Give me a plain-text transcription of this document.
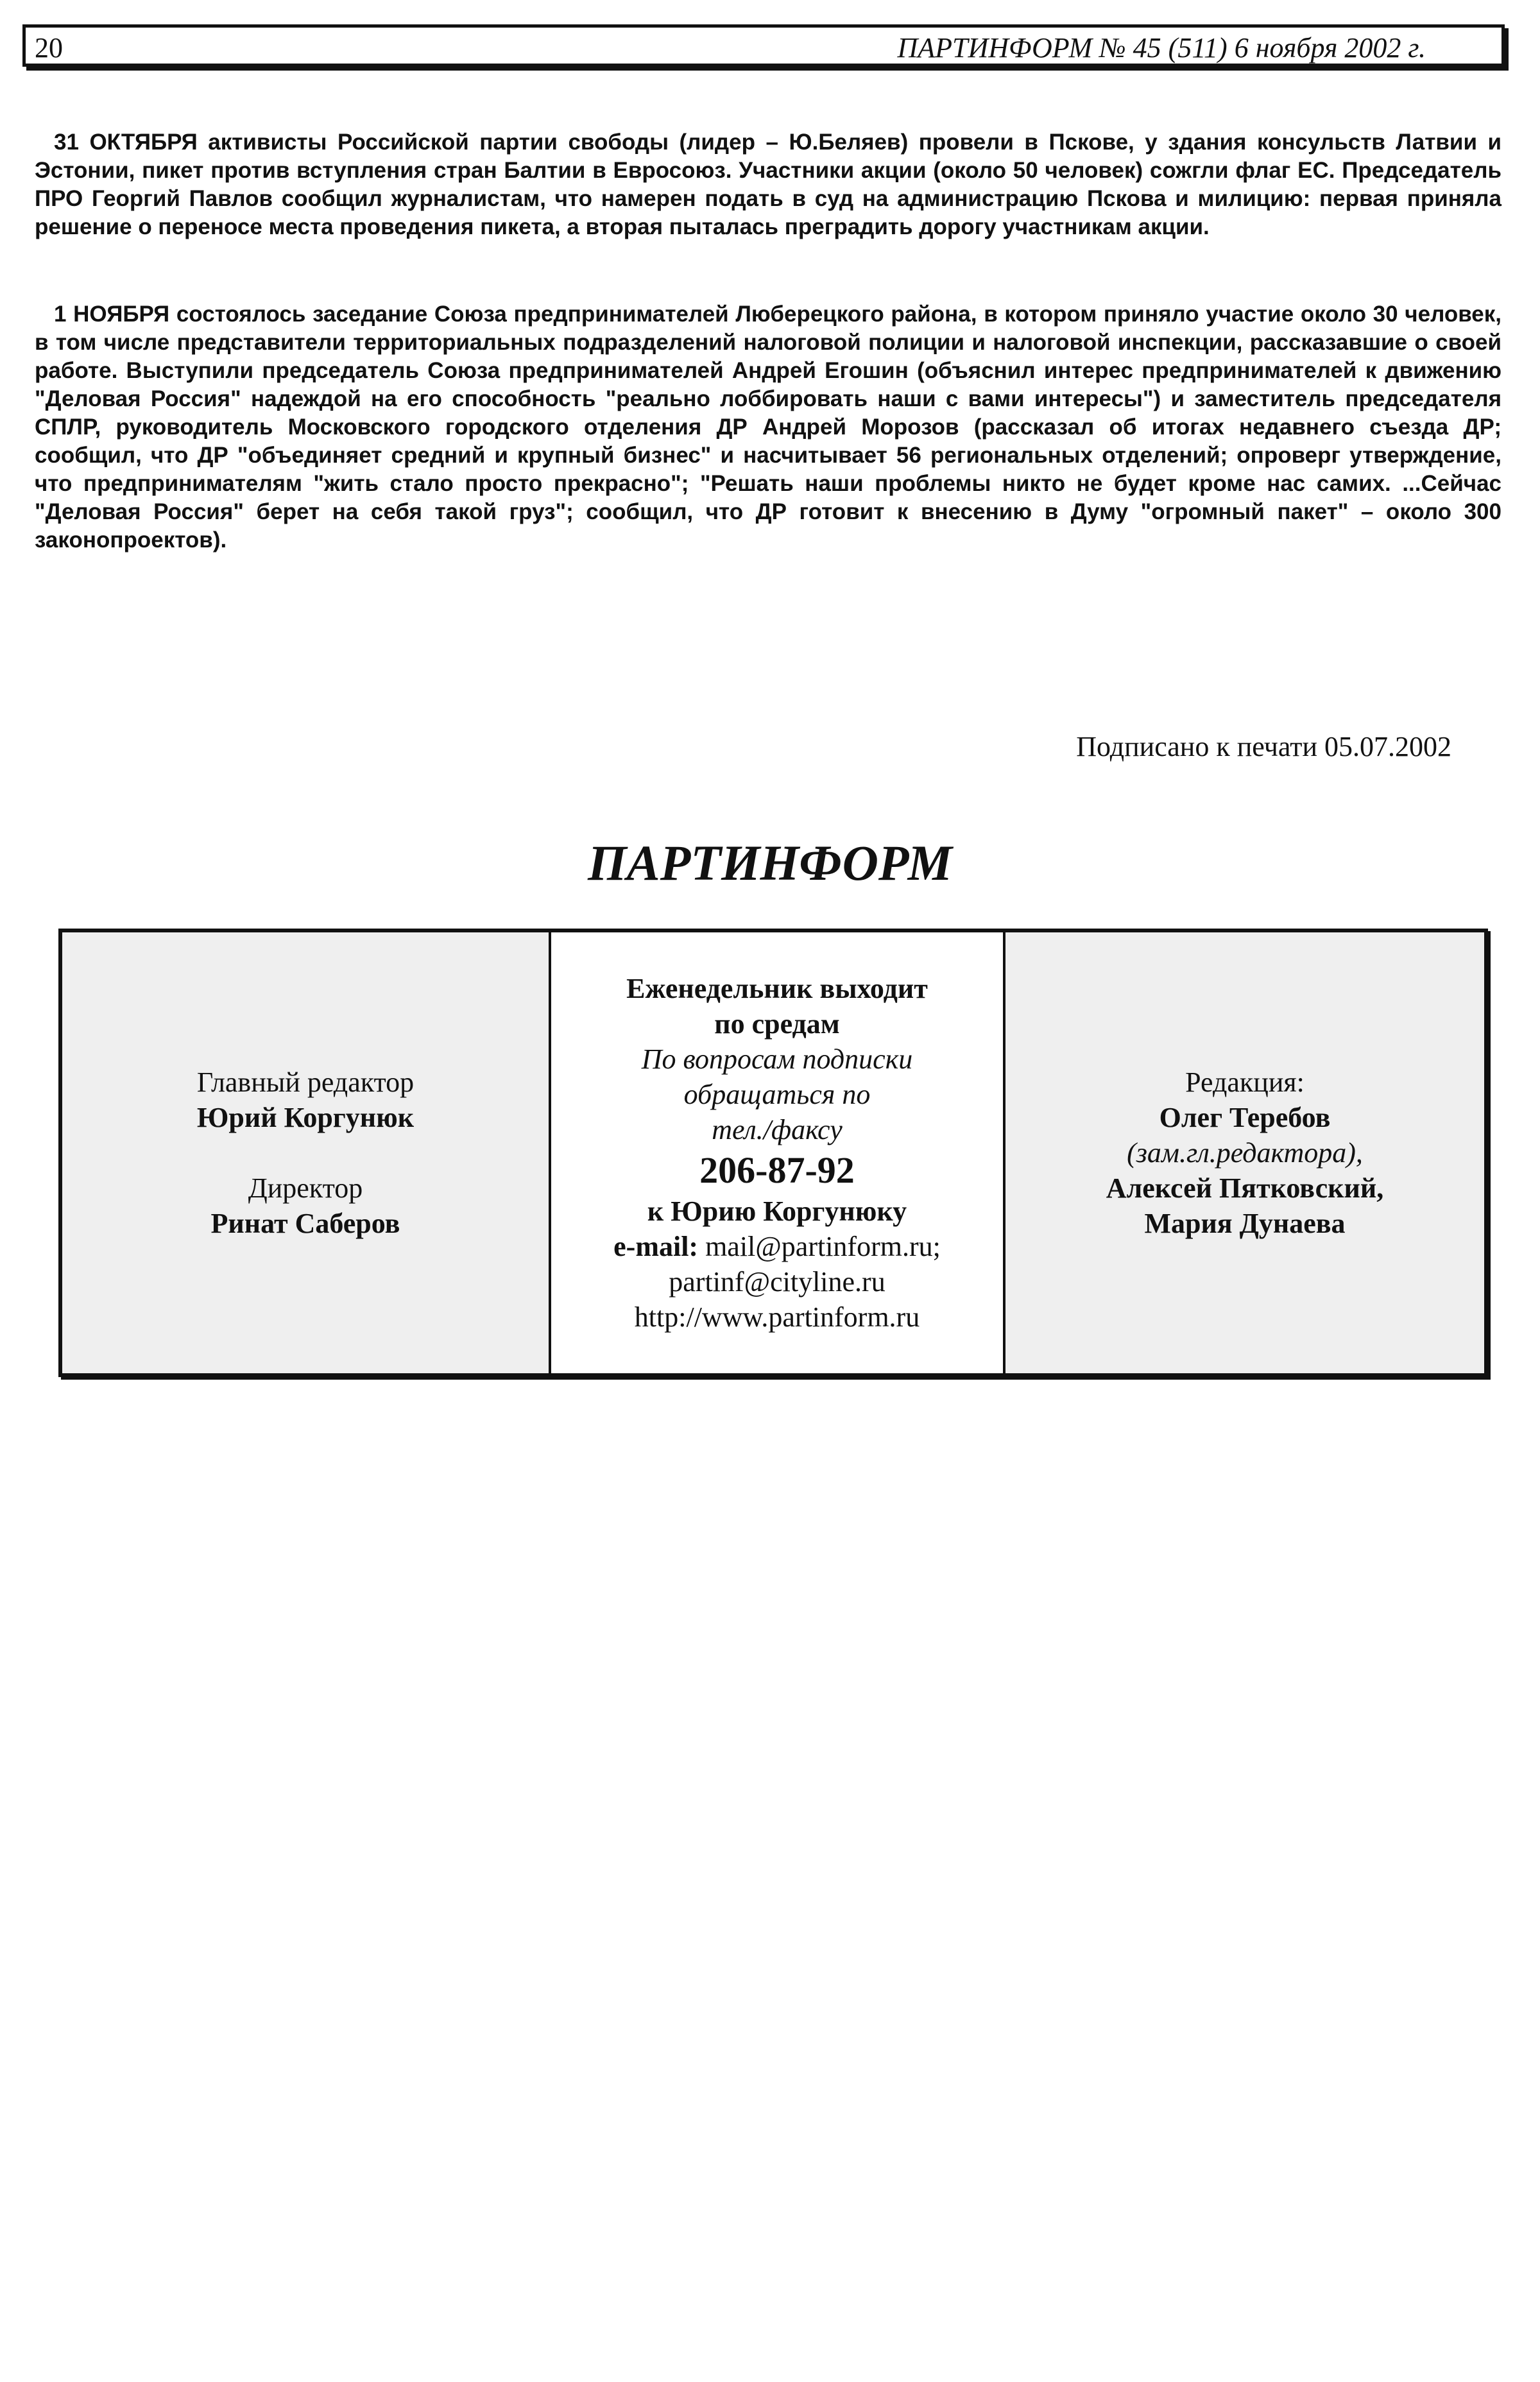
20	ПАРТИНФОРМ № 45 (511) 6 ноября 2002 г.

31 ОКТЯБРЯ активисты Российской партии свободы (лидер – Ю.Беляев) провели в Пскове, у здания консульств Латвии и Эстонии, пикет против вступления стран Балтии в Евросоюз. Участники акции (около 50 человек) сожгли флаг ЕС. Председатель ПРО Георгий Павлов сообщил журналистам, что намерен подать в суд на администрацию Пскова и милицию: первая приняла решение о переносе места проведения пикета, а вторая пыталась преградить дорогу участникам акции.

1 НОЯБРЯ состоялось заседание Союза предпринимателей Люберецкого района, в котором приняло участие около 30 человек, в том числе представители территориальных подразделений налоговой полиции и налоговой инспекции, рассказавшие о своей работе. Выступили председатель Союза предпринимателей Андрей Егошин (объяснил интерес предпринимателей к движению "Деловая Россия" надеждой на его способность "реально лоббировать наши с вами интересы") и заместитель председателя СПЛР, руководитель Московского городского отделения ДР Андрей Морозов (рассказал об итогах недавнего съезда ДР; сообщил, что ДР "объединяет средний и крупный бизнес" и насчитывает 56 региональных отделений; опроверг утверждение, что предпринимателям "жить стало просто прекрасно"; "Решать наши проблемы никто не будет кроме нас самих. ...Сейчас "Деловая Россия" берет на себя такой груз"; сообщил, что ДР готовит к внесению в Думу "огромный пакет" – около 300 законопроектов).

Подписано к печати 05.07.2002
ПАРТИНФОРМ
Главный редактор
Юрий Коргунюк
Директор
Ринат Саберов
Еженедельник выходит
по средам
По вопросам подписки
обращаться по
тел./факсу
206-87-92
к Юрию Коргунюку
e-mail: mail@partinform.ru;
partinf@cityline.ru
http://www.partinform.ru
Редакция:
Олег Теребов
(зам.гл.редактора),
Алексей Пятковский,
Мария Дунаева
